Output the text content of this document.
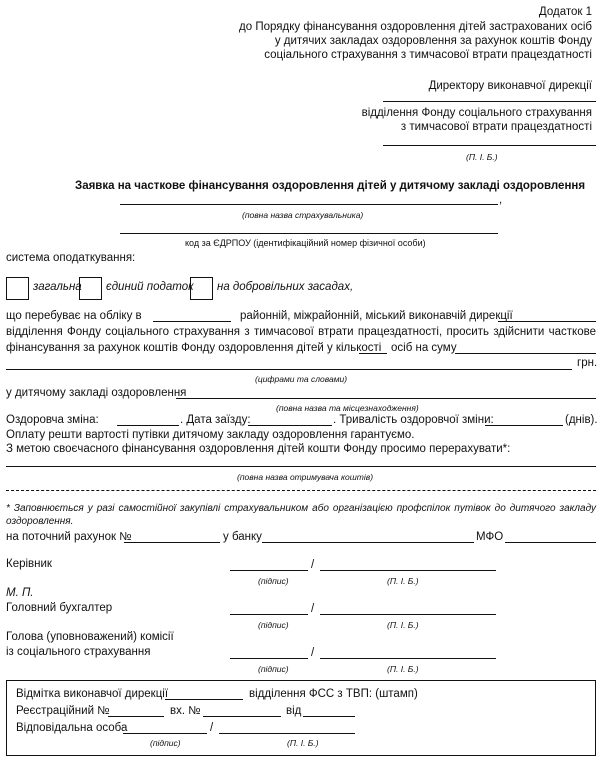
Додаток 1
до Порядку фінансування оздоровлення дітей застрахованих осіб
у дитячих закладах оздоровлення за рахунок коштів Фонду
соціального страхування з тимчасової втрати працездатності
Директору виконавчої дирекції
відділення Фонду соціального страхування
з тимчасової втрати працездатності
(П. І. Б.)
Заявка на часткове фінансування оздоровлення дітей у дитячому закладі оздоровлення
,
(повна назва страхувальника)
код за ЄДРПОУ (ідентифікаційний номер фізичної особи)
система оподаткування:
загальна єдиний податок на добровільних засадах,
що перебуває на обліку в	районній, міжрайонній, міський виконавчій дирекції
відділення Фонду соціального страхування з тимчасової втрати працездатності, просить здійснити часткове
фінансування за рахунок коштів Фонду оздоровлення дітей у кількості осіб на суму
грн.
(цифрами та словами)
у дитячому закладі оздоровлення
(повна назва та місцезнаходження)
Оздоровча зміна:	. Дата заїзду:	. Тривалість оздоровчої зміни:	(днів).
Оплату решти вартості путівки дитячому закладу оздоровлення гарантуємо.
З метою своєчасного фінансування оздоровлення дітей кошти Фонду просимо перерахувати*:
(повна назва отримувача коштів)
* Заповнюється у разі самостійної закупівлі страхувальником або організацією профспілок путівок до дитячого закладу
оздоровлення.
на поточний рахунок №	у банку	МФО
Керівник	/
(підпис)	(П. І. Б.)
М. П.
Головний бухгалтер	/
(підпис)	(П. І. Б.)
Голова (уповноважений) комісії
із соціального страхування	/
(підпис)	(П. І. Б.)
Відмітка виконавчої дирекції	відділення ФСС з ТВП: (штамп)
Реєстраційний №	вх. №	від
Відповідальна особа	/
(підпис)	(П. І. Б.)
